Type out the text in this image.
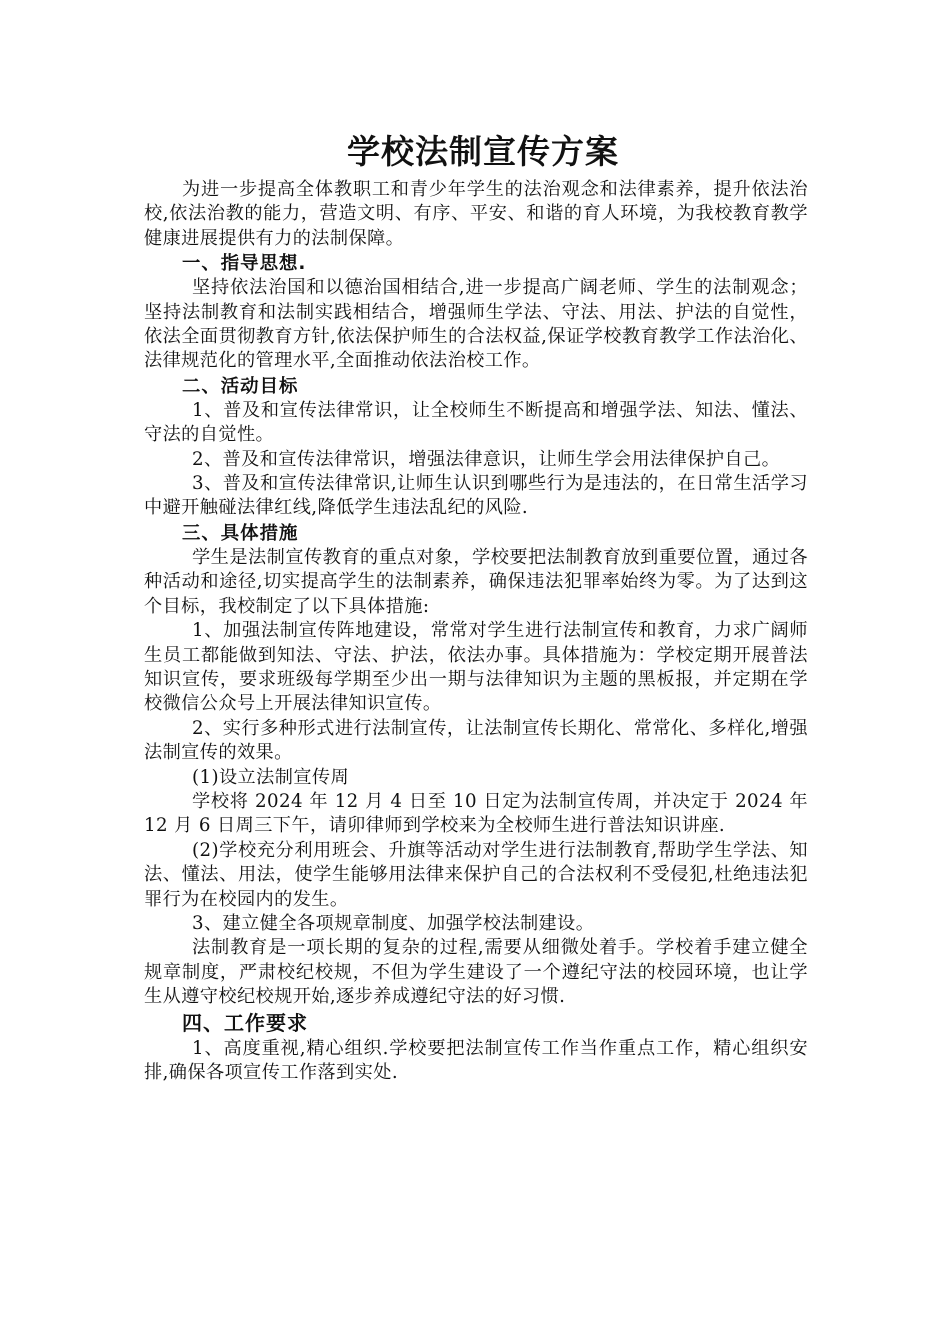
学校法制宣传方案

为进一步提高全体教职工和青少年学生的法治观念和法律素养，提升依法治校,依法治教的能力，营造文明、有序、平安、和谐的育人环境，为我校教育教学健康进展提供有力的法制保障。

一、指导思想.

坚持依法治国和以德治国相结合,进一步提高广阔老师、学生的法制观念；坚持法制教育和法制实践相结合，增强师生学法、守法、用法、护法的自觉性，依法全面贯彻教育方针,依法保护师生的合法权益,保证学校教育教学工作法治化、法律规范化的管理水平,全面推动依法治校工作。

二、活动目标

1、普及和宣传法律常识，让全校师生不断提高和增强学法、知法、懂法、守法的自觉性。

2、普及和宣传法律常识，增强法律意识，让师生学会用法律保护自己。

3、普及和宣传法律常识,让师生认识到哪些行为是违法的，在日常生活学习中避开触碰法律红线,降低学生违法乱纪的风险.

三、具体措施

学生是法制宣传教育的重点对象，学校要把法制教育放到重要位置，通过各种活动和途径,切实提高学生的法制素养，确保违法犯罪率始终为零。为了达到这个目标，我校制定了以下具体措施:

1、加强法制宣传阵地建设，常常对学生进行法制宣传和教育，力求广阔师生员工都能做到知法、守法、护法，依法办事。具体措施为：学校定期开展普法知识宣传，要求班级每学期至少出一期与法律知识为主题的黑板报，并定期在学校微信公众号上开展法律知识宣传。

2、实行多种形式进行法制宣传，让法制宣传长期化、常常化、多样化,增强法制宣传的效果。

(1)设立法制宣传周

学校将 2024 年 12 月 4 日至 10 日定为法制宣传周，并决定于 2024 年 12 月 6 日周三下午，请卯律师到学校来为全校师生进行普法知识讲座.

(2)学校充分利用班会、升旗等活动对学生进行法制教育,帮助学生学法、知法、懂法、用法，使学生能够用法律来保护自己的合法权利不受侵犯,杜绝违法犯罪行为在校园内的发生。

3、建立健全各项规章制度、加强学校法制建设。

法制教育是一项长期的复杂的过程,需要从细微处着手。学校着手建立健全规章制度，严肃校纪校规，不但为学生建设了一个遵纪守法的校园环境，也让学生从遵守校纪校规开始,逐步养成遵纪守法的好习惯.

四、工作要求

1、高度重视,精心组织.学校要把法制宣传工作当作重点工作，精心组织安排,确保各项宣传工作落到实处.
